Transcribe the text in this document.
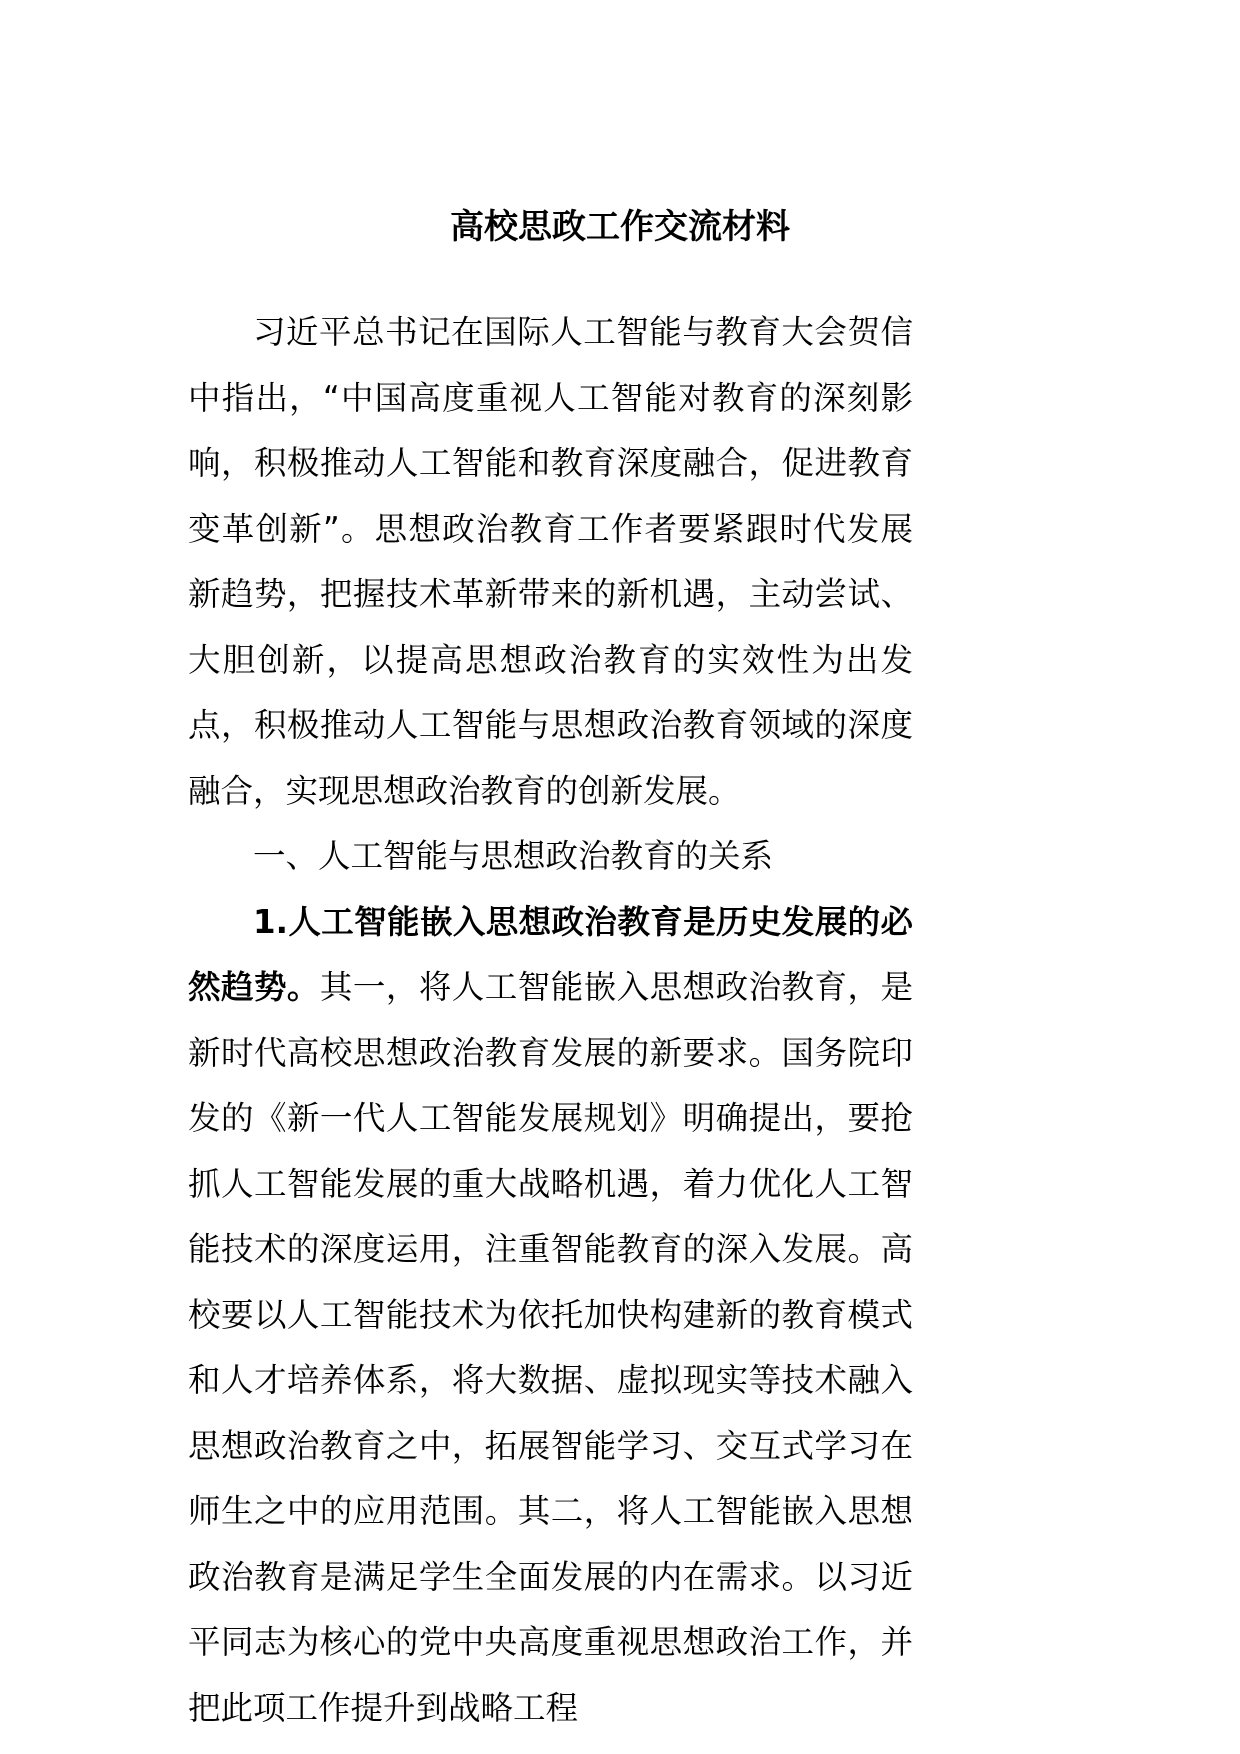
高校思政工作交流材料

习近平总书记在国际人工智能与教育大会贺信中指出，“中国高度重视人工智能对教育的深刻影响，积极推动人工智能和教育深度融合，促进教育变革创新”。思想政治教育工作者要紧跟时代发展新趋势，把握技术革新带来的新机遇，主动尝试、大胆创新，以提高思想政治教育的实效性为出发点，积极推动人工智能与思想政治教育领域的深度融合，实现思想政治教育的创新发展。

一、人工智能与思想政治教育的关系

1.人工智能嵌入思想政治教育是历史发展的必然趋势。其一，将人工智能嵌入思想政治教育，是新时代高校思想政治教育发展的新要求。国务院印发的《新一代人工智能发展规划》明确提出，要抢抓人工智能发展的重大战略机遇，着力优化人工智能技术的深度运用，注重智能教育的深入发展。高校要以人工智能技术为依托加快构建新的教育模式和人才培养体系，将大数据、虚拟现实等技术融入思想政治教育之中，拓展智能学习、交互式学习在师生之中的应用范围。其二，将人工智能嵌入思想政治教育是满足学生全面发展的内在需求。以习近平同志为核心的党中央高度重视思想政治工作，并把此项工作提升到战略工程
